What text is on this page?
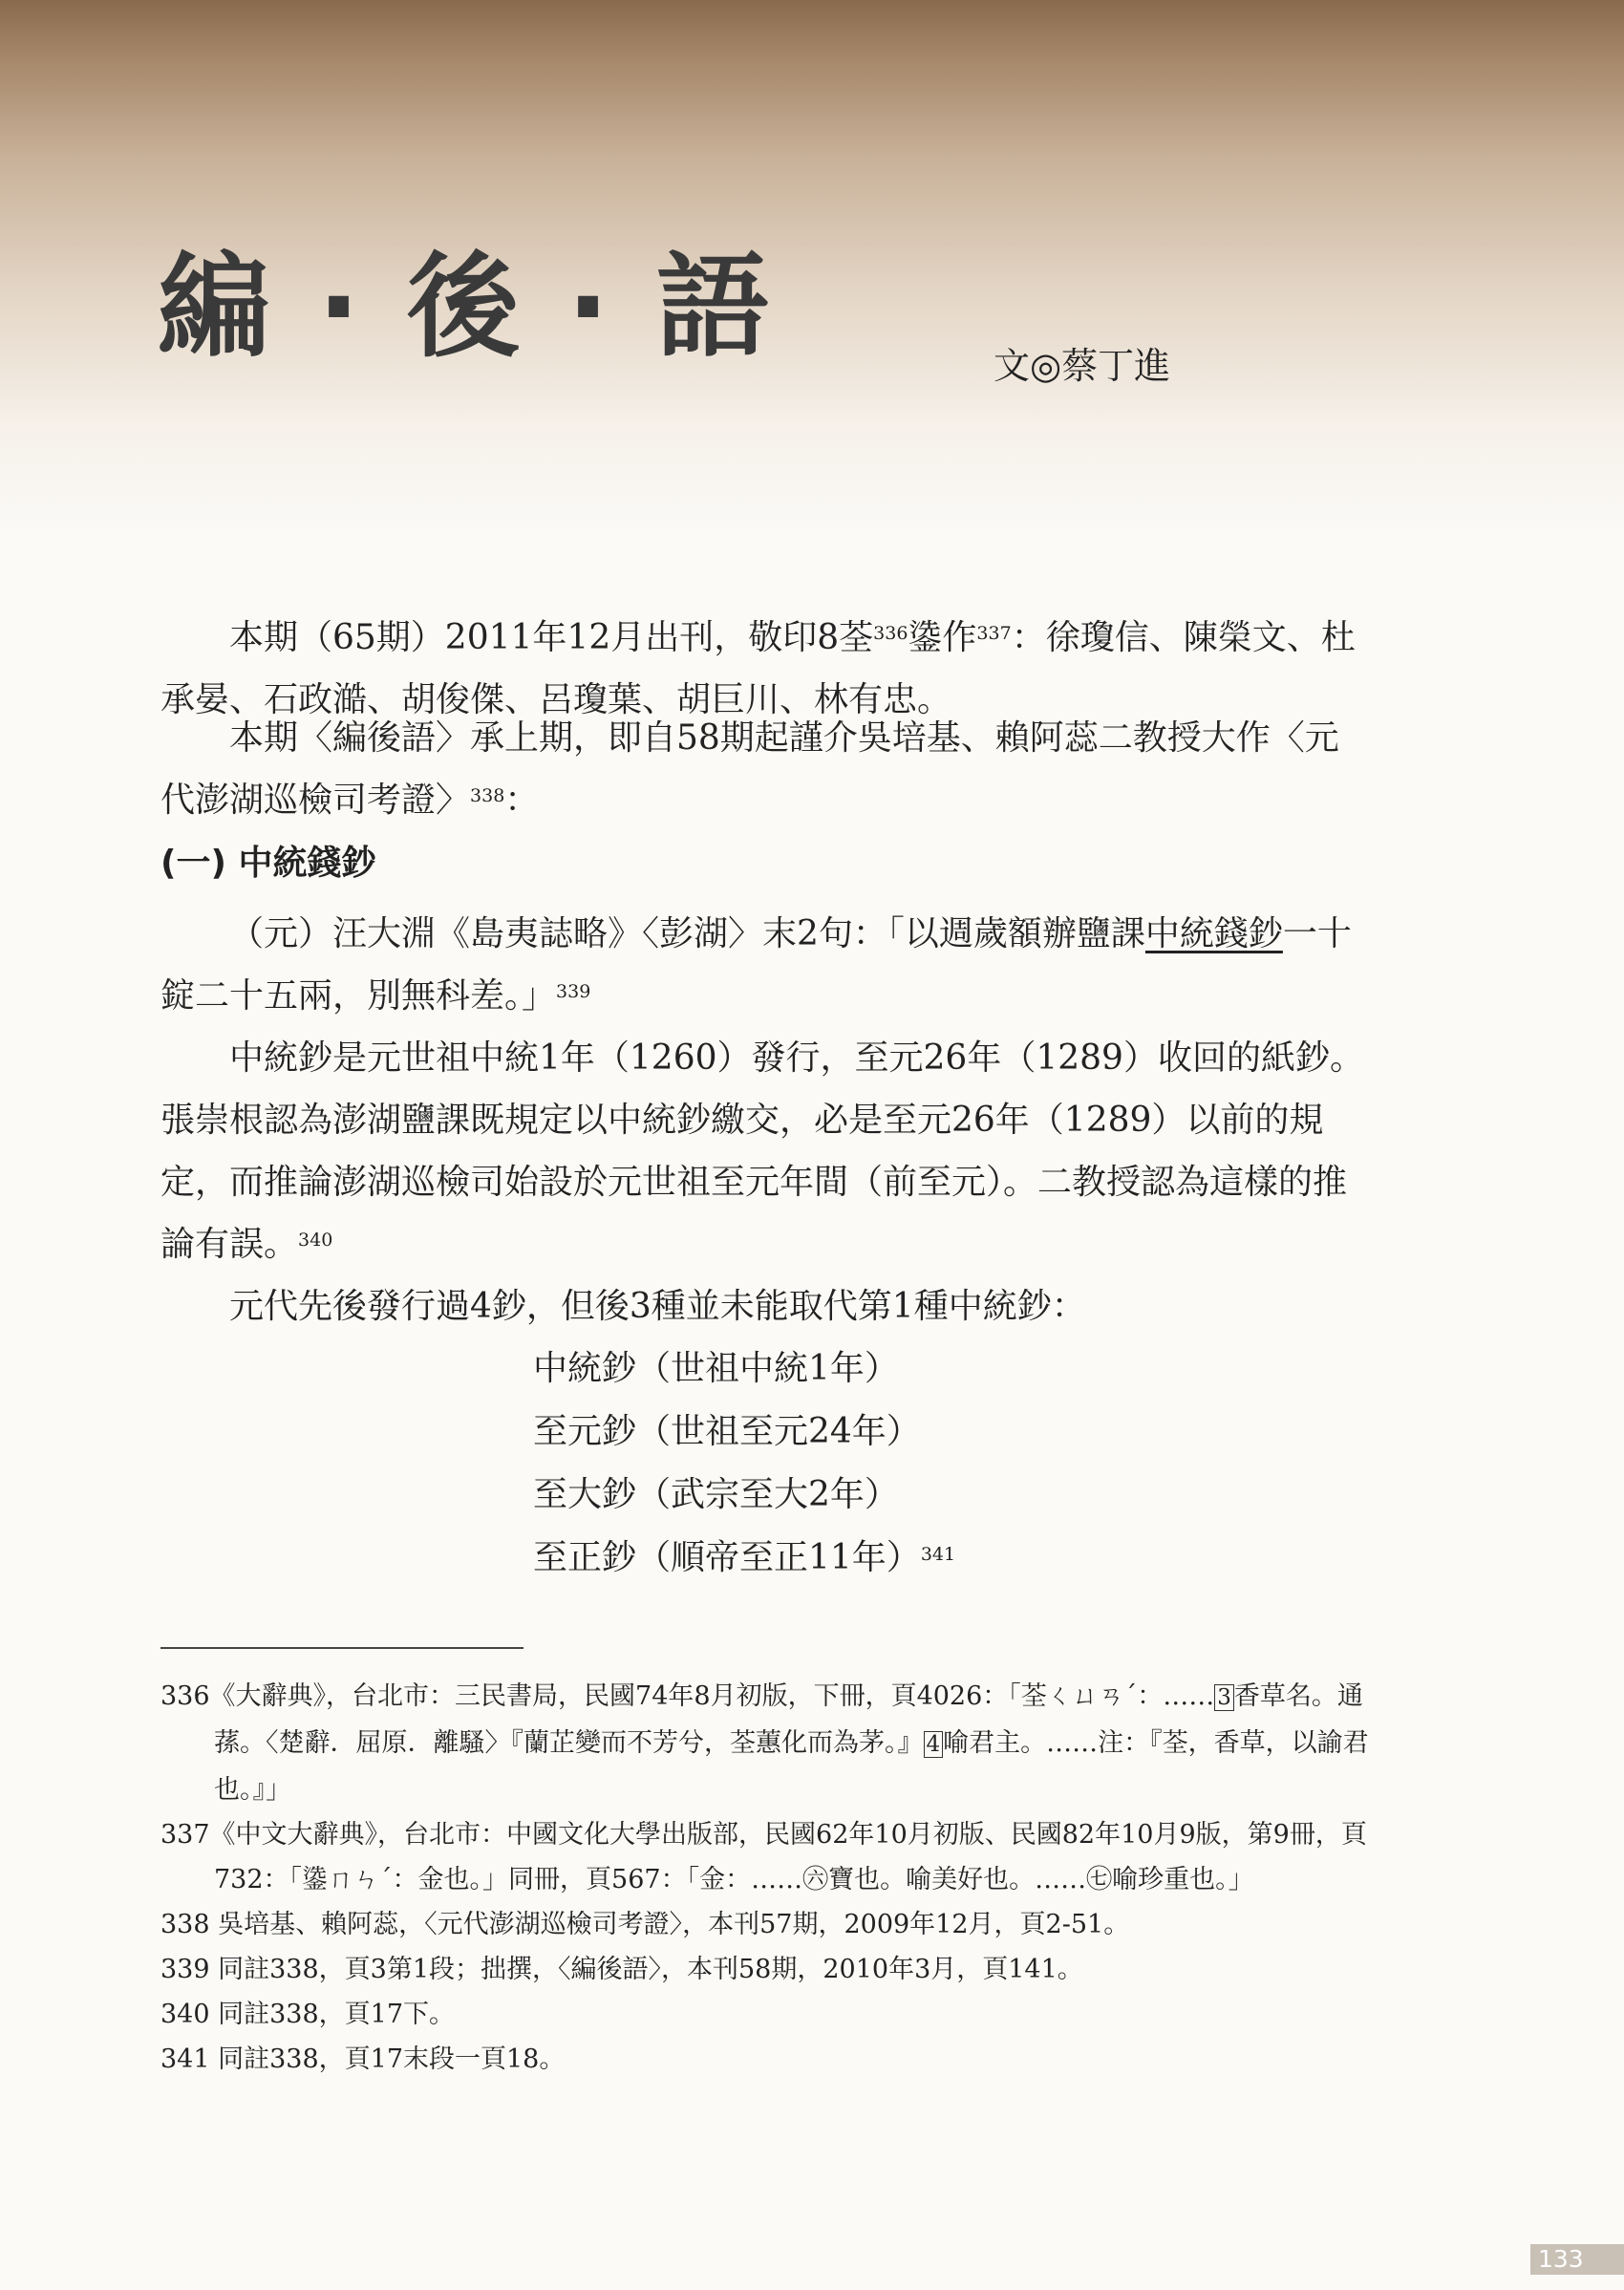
編 · 後 · 語	文◎蔡丁進
本期（65期）2011年12月出刊，敬印8荃$^{336}$鍌作$^{337}$：徐瓊信、陳榮文、杜承晏、石政澔、胡俊傑、呂瓊葉、胡巨川、林有忠。
本期〈編後語〉承上期，即自58期起謹介吳培基、賴阿蕊二教授大作〈元代澎湖巡檢司考證〉$^{338}$：
(一) 中統錢鈔
（元）汪大淵《島夷誌略》〈彭湖〉末2句：「以週歲額辦鹽課中統錢鈔一十錠二十五兩，別無科差。」$^{339}$
中統鈔是元世祖中統1年（1260）發行，至元26年（1289）收回的紙鈔。張崇根認為澎湖鹽課既規定以中統鈔繳交，必是至元26年（1289）以前的規定，而推論澎湖巡檢司始設於元世祖至元年間（前至元）。二教授認為這樣的推論有誤。$^{340}$
元代先後發行過4鈔，但後3種並未能取代第1種中統鈔：
中統鈔（世祖中統1年）
至元鈔（世祖至元24年）
至大鈔（武宗至大2年）
至正鈔（順帝至正11年）$^{341}$
336《大辭典》，台北市：三民書局，民國74年8月初版，下冊，頁4026：「荃ㄑㄩㄢˊ：…… 3 香草名。通蓀。〈楚辭．屈原．離騷〉『蘭芷變而不芳兮，荃蕙化而為茅。』 4 喻君主。……注：『荃，香草，以諭君也。』」
337《中文大辭典》，台北市：中國文化大學出版部，民國62年10月初版、民國82年10月9版，第9冊，頁732：「鍌ㄇㄣˊ：金也。」同冊，頁567：「金：……㊅寶也。喻美好也。……㊆喻珍重也。」
338 吳培基、賴阿蕊，〈元代澎湖巡檢司考證〉，本刊57期，2009年12月，頁2-51。
339 同註338，頁3第1段；拙撰，〈編後語〉，本刊58期，2010年3月，頁141。
340 同註338，頁17下。
341 同註338，頁17末段一頁18。
133
